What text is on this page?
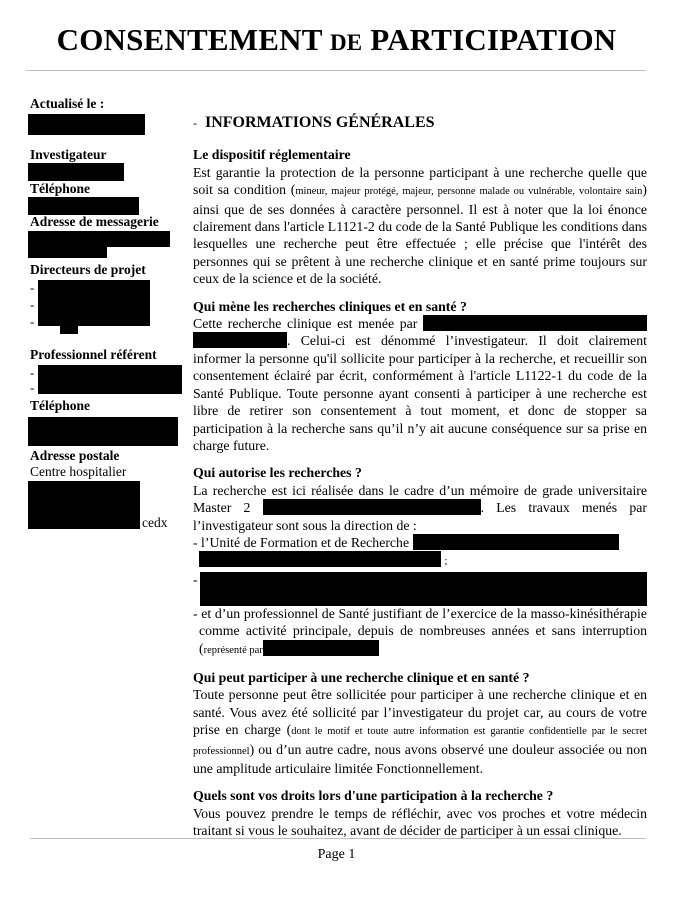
CONSENTEMENT DE PARTICIPATION
Actualisé le :
Investigateur
Téléphone
Adresse de messagerie
Directeurs de projet
-
-
-
Professionnel référent
-
-
Téléphone
Adresse postale
Centre hospitalier
cedx
- INFORMATIONS GÉNÉRALES

Le dispositif réglementaire

Est garantie la protection de la personne participant à une recherche quelle que soit sa condition (mineur, majeur protégé, majeur, personne malade ou vulnérable, volontaire sain) ainsi que de ses données à caractère personnel. Il est à noter que la loi énonce clairement dans l'article L1121-2 du code de la Santé Publique les conditions dans lesquelles une recherche peut être effectuée ; elle précise que l'intérêt des personnes qui se prêtent à une recherche clinique et en santé prime toujours sur ceux de la science et de la société.

Qui mène les recherches cliniques et en santé ?

Cette recherche clinique est menée par  . Celui-ci est dénommé l’investigateur. Il doit clairement informer la personne qu'il sollicite pour participer à la recherche, et recueillir son consentement éclairé par écrit, conformément à l'article L1122-1 du code de la Santé Publique. Toute personne ayant consenti à participer à une recherche est libre de retirer son consentement à tout moment, et donc de stopper sa participation à la recherche sans qu’il n’y ait aucune conséquence sur sa prise en charge future.

Qui autorise les recherches ?

La recherche est ici réalisée dans le cadre d’un mémoire de grade universitaire Master 2	. Les travaux menés par l’investigateur sont sous la direction de :

- l’Unité de Formation et de Recherche

;

-

- et d’un professionnel de Santé justifiant de l’exercice de la masso-kinésithérapie comme activité principale, depuis de nombreuses années et sans interruption (représenté par

Qui peut participer à une recherche clinique et en santé ?

Toute personne peut être sollicitée pour participer à une recherche clinique et en santé. Vous avez été sollicité par l’investigateur du projet car, au cours de votre prise en charge (dont le motif et toute autre information est garantie confidentielle par le secret professionnel) ou d’un autre cadre, nous avons observé une douleur associée ou non une amplitude articulaire limitée Fonctionnellement.

Quels sont vos droits lors d'une participation à la recherche ?

Vous pouvez prendre le temps de réfléchir, avec vos proches et votre médecin traitant si vous le souhaitez, avant de décider de participer à un essai clinique.

Page 1
